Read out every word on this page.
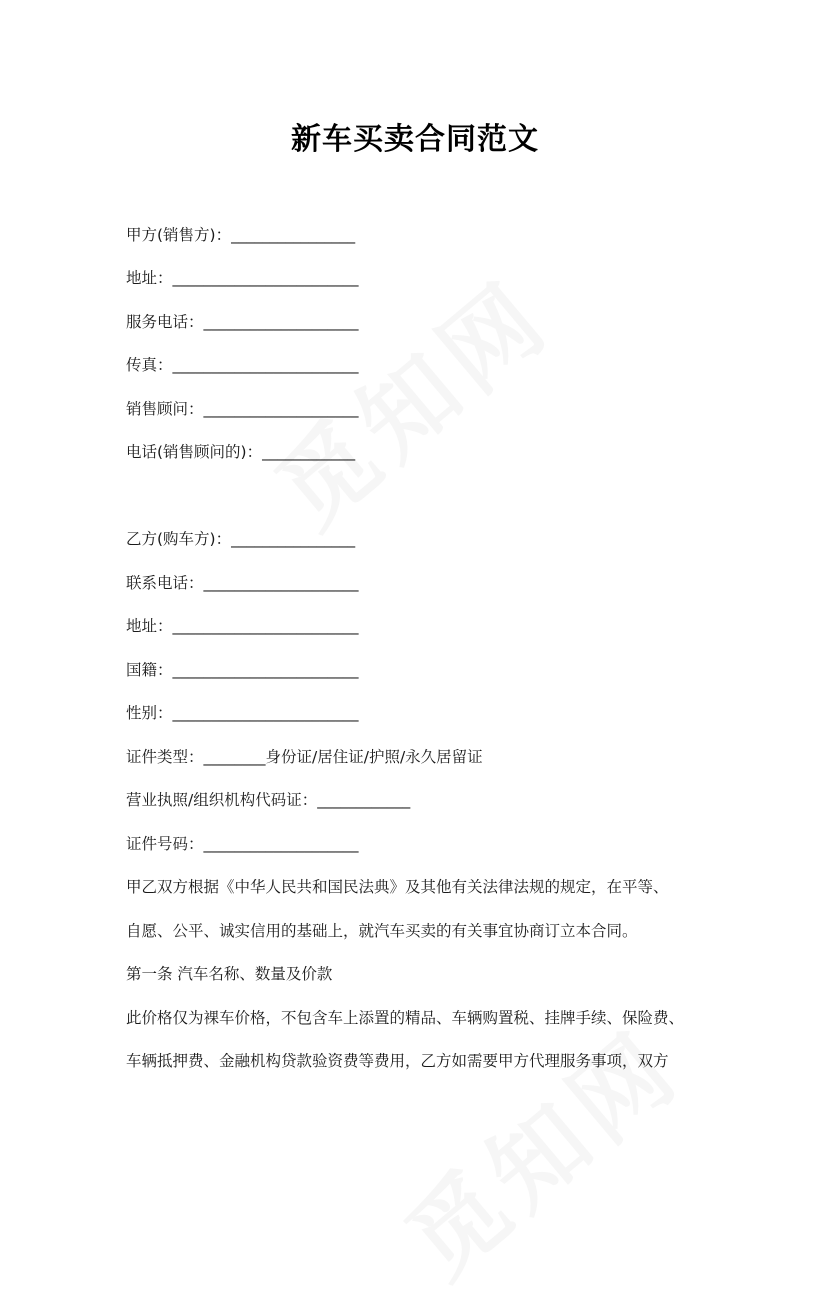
新车买卖合同范文
甲方(销售方)：________________
地址：________________________
服务电话：____________________
传真：________________________
销售顾问：____________________
电话(销售顾问的)：____________
乙方(购车方)：________________
联系电话：____________________
地址：________________________
国籍：________________________
性别：________________________
证件类型：________身份证/居住证/护照/永久居留证
营业执照/组织机构代码证：____________
证件号码：____________________
甲乙双方根据《中华人民共和国民法典》及其他有关法律法规的规定，在平等、
自愿、公平、诚实信用的基础上，就汽车买卖的有关事宜协商订立本合同。
第一条 汽车名称、数量及价款
此价格仅为裸车价格，不包含车上添置的精品、车辆购置税、挂牌手续、保险费、
车辆抵押费、金融机构贷款验资费等费用，乙方如需要甲方代理服务事项，双方
